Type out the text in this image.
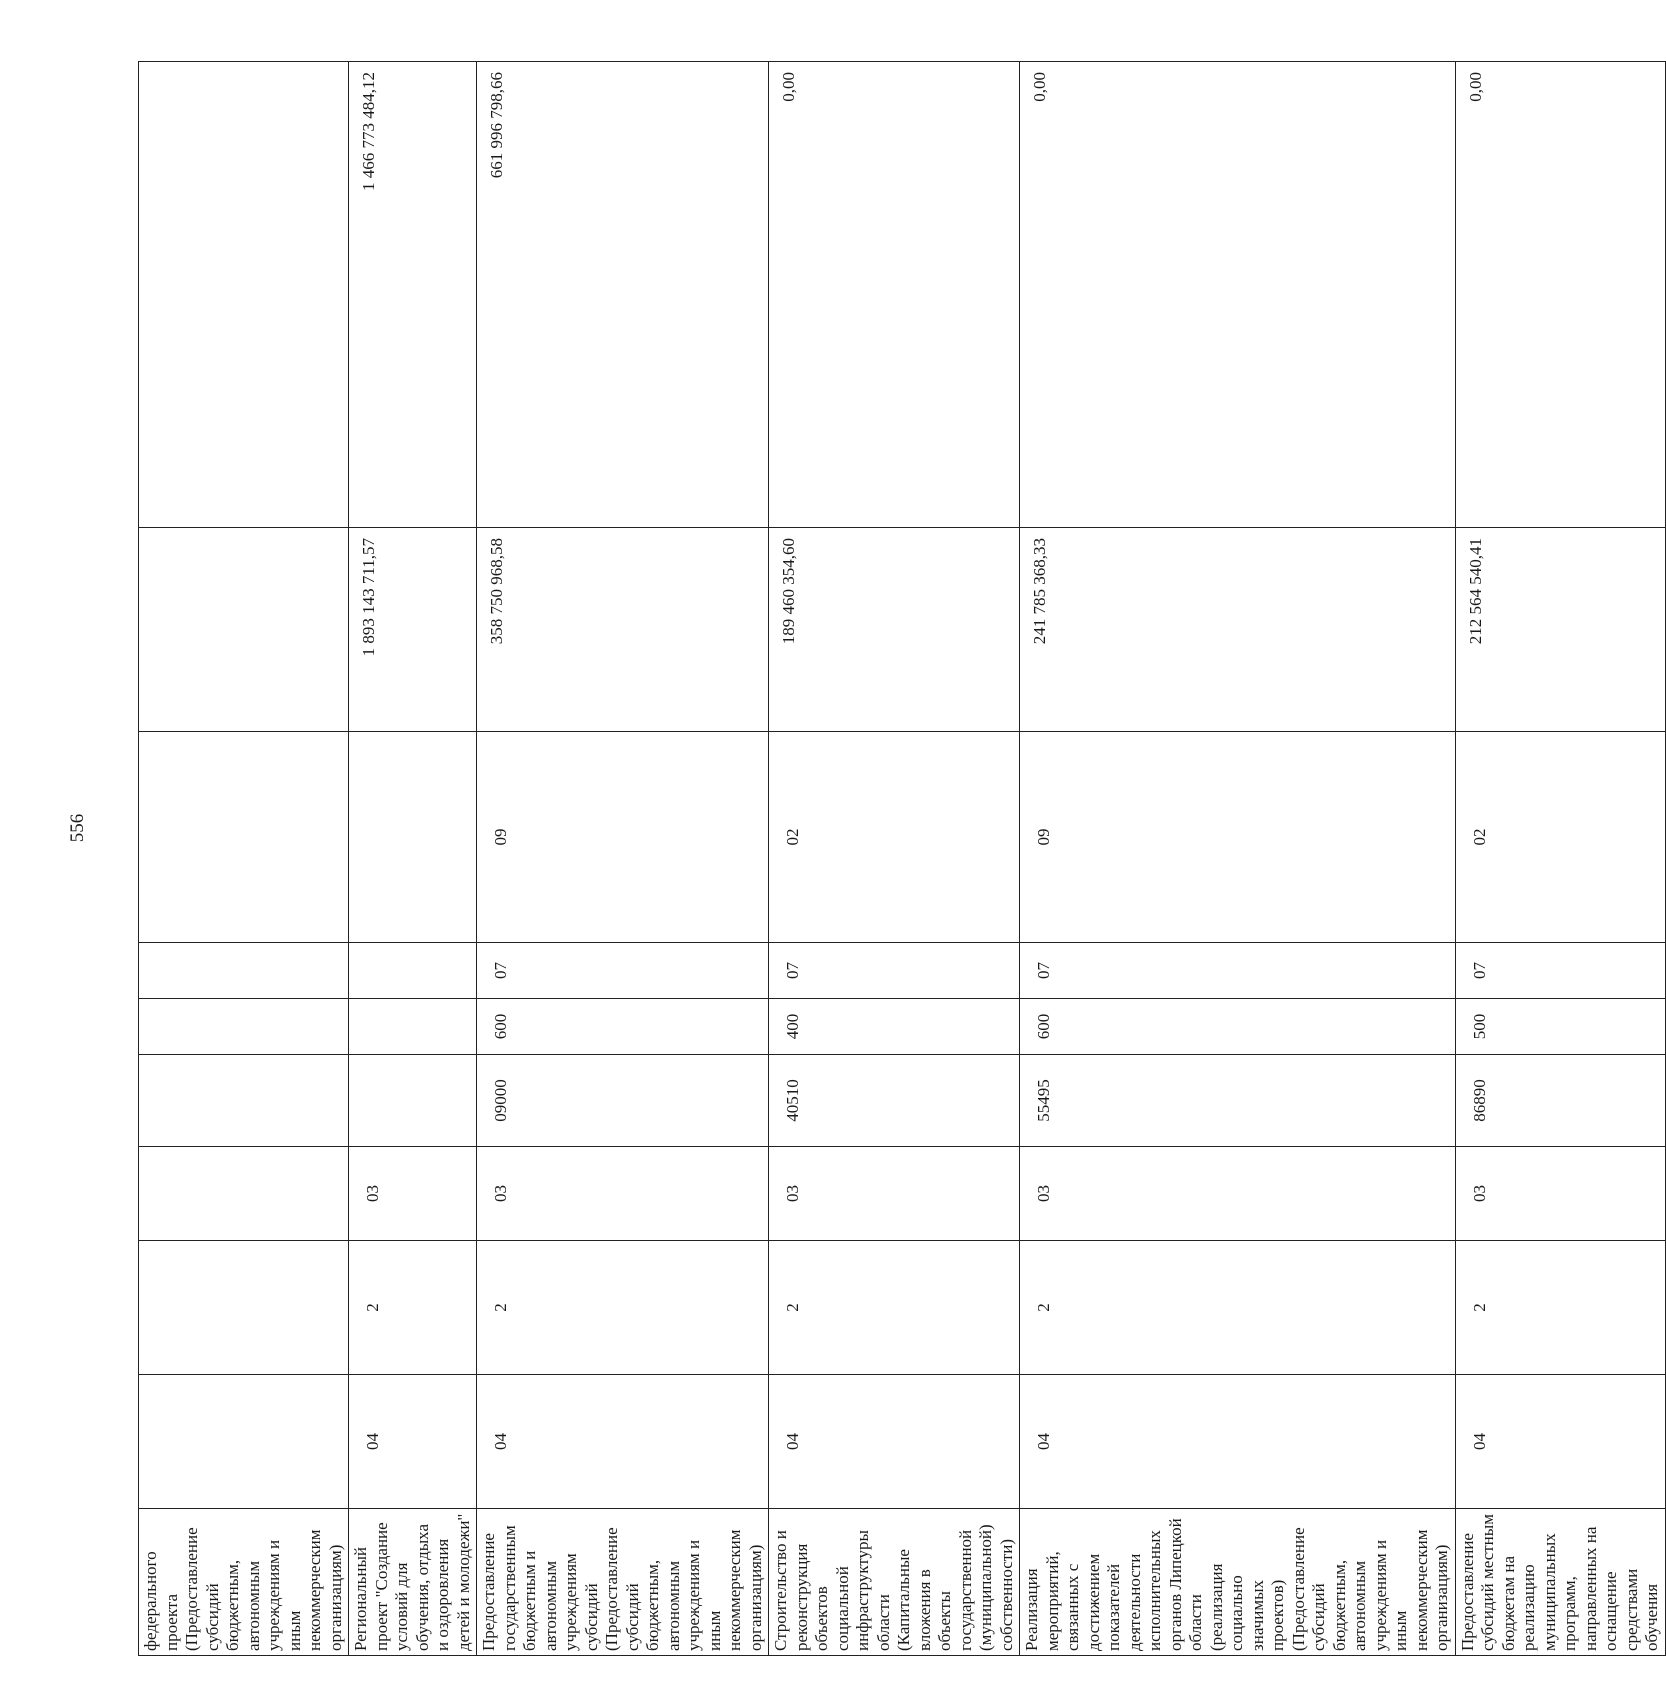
556
федерального проекта (Предоставление субсидий бюджетным, автономным учреждениям и иным некоммерческим организациям)										
Региональный проект "Создание условий для обучения, отдыха и оздоровления детей и молодежи"	04	2	03					1 893 143 711,57	1 466 773 484,12	
Предоставление государственным бюджетным и автономным учреждениям субсидий (Предоставление субсидий бюджетным, автономным учреждениям и иным некоммерческим организациям)	04	2	03	09000	600	07	09	358 750 968,58	661 996 798,66	
Строительство и реконструкция объектов социальной инфраструктуры области (Капитальные вложения в объекты государственной (муниципальной) собственности)	04	2	03	40510	400	07	02	189 460 354,60	0,00	
Реализация мероприятий, связанных с достижением показателей деятельности исполнительных органов Липецкой области (реализация социально значимых проектов) (Предоставление субсидий бюджетным, автономным учреждениям и иным некоммерческим организациям)	04	2	03	55495	600	07	09	241 785 368,33	0,00	
Предоставление субсидий местным бюджетам на реализацию муниципальных программ, направленных на оснащение средствами обучения	04	2	03	86890	500	07	02	212 564 540,41	0,00	
